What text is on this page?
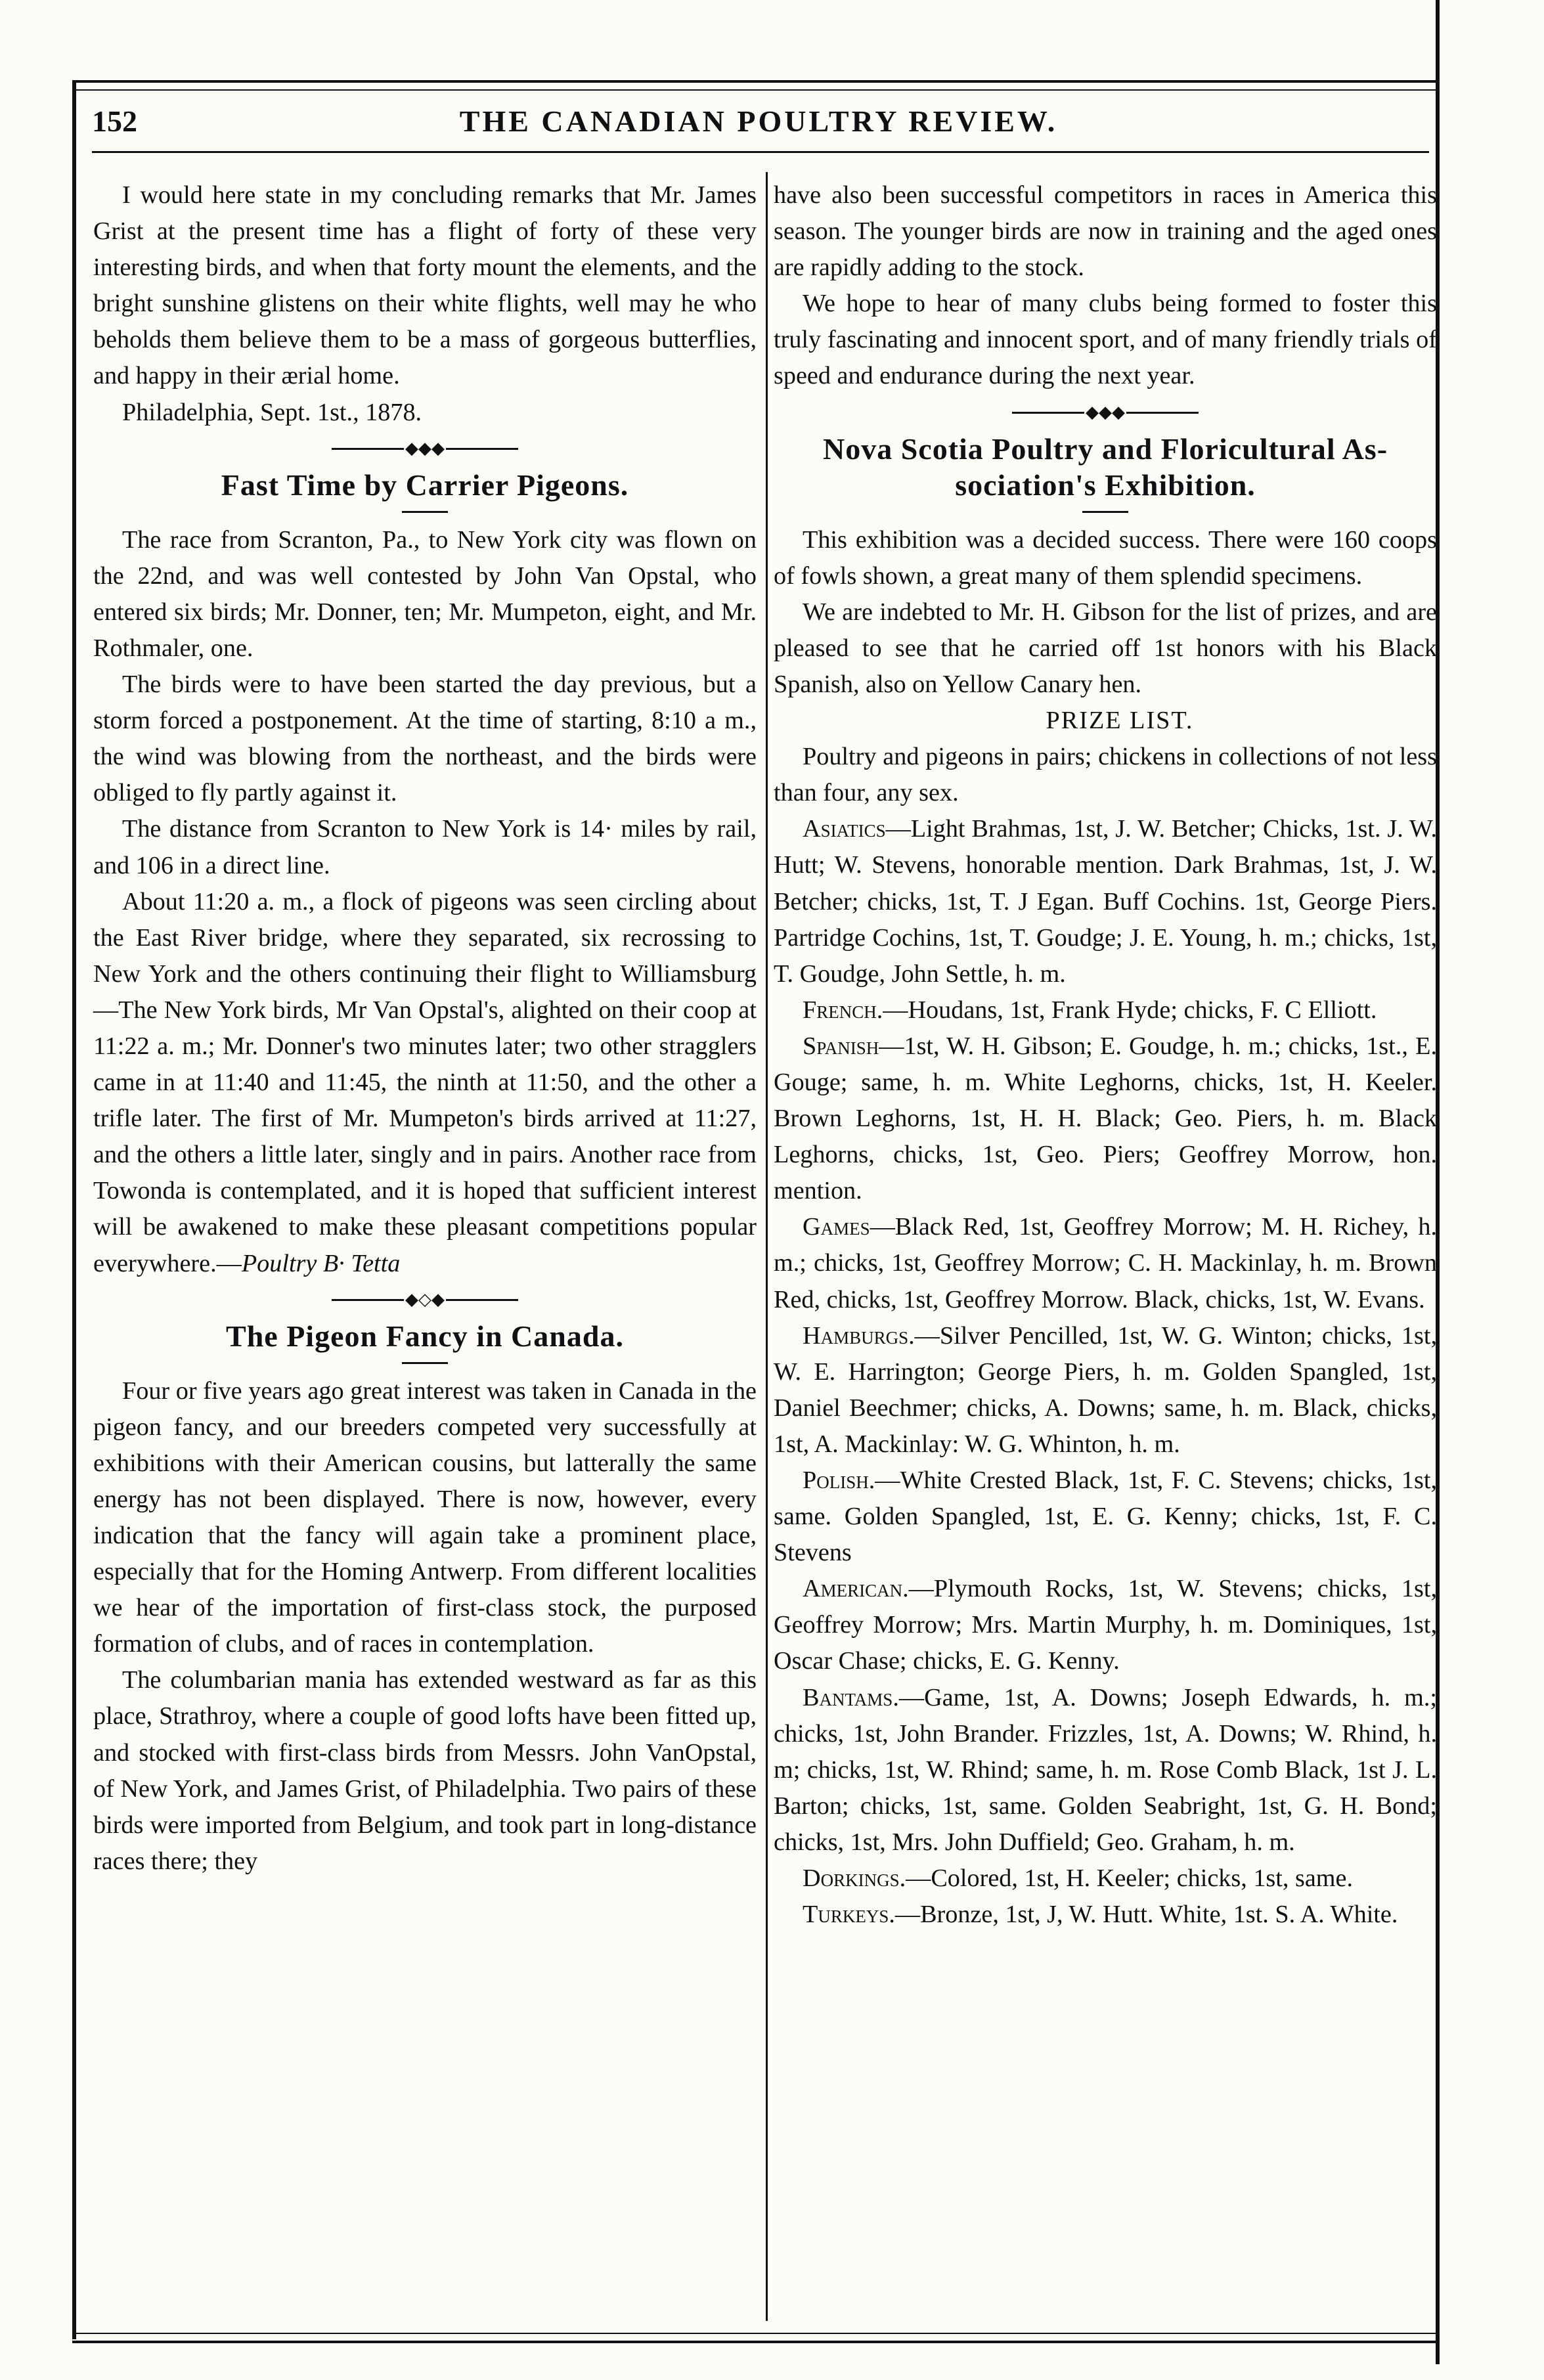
152	THE CANADIAN POULTRY REVIEW.

I would here state in my concluding remarks that Mr. James Grist at the present time has a flight of forty of these very interesting birds, and when that forty mount the elements, and the bright sunshine glistens on their white flights, well may he who beholds them believe them to be a mass of gorgeous butterflies, and happy in their ærial home.

Philadelphia, Sept. 1st., 1878.

◆◆◆
Fast Time by Carrier Pigeons.

The race from Scranton, Pa., to New York city was flown on the 22nd, and was well contested by John Van Opstal, who entered six birds; Mr. Donner, ten; Mr. Mumpeton, eight, and Mr. Rothmaler, one.

The birds were to have been started the day previous, but a storm forced a postponement. At the time of starting, 8:10 a m., the wind was blowing from the northeast, and the birds were obliged to fly partly against it.

The distance from Scranton to New York is 14· miles by rail, and 106 in a direct line.

About 11:20 a. m., a flock of pigeons was seen circling about the East River bridge, where they separated, six recrossing to New York and the others continuing their flight to Williamsburg—The New York birds, Mr Van Opstal's, alighted on their coop at 11:22 a. m.; Mr. Donner's two minutes later; two other stragglers came in at 11:40 and 11:45, the ninth at 11:50, and the other a trifle later. The first of Mr. Mumpeton's birds arrived at 11:27, and the others a little later, singly and in pairs. Another race from Towonda is contemplated, and it is hoped that sufficient interest will be awakened to make these pleasant competitions popular everywhere.—Poultry B· Tetta

◆◇◆
The Pigeon Fancy in Canada.

Four or five years ago great interest was taken in Canada in the pigeon fancy, and our breeders competed very successfully at exhibitions with their American cousins, but latterally the same energy has not been displayed. There is now, however, every indication that the fancy will again take a prominent place, especially that for the Homing Antwerp. From different localities we hear of the importation of first-class stock, the purposed formation of clubs, and of races in contemplation.

The columbarian mania has extended westward as far as this place, Strathroy, where a couple of good lofts have been fitted up, and stocked with first-class birds from Messrs. John VanOpstal, of New York, and James Grist, of Philadelphia. Two pairs of these birds were imported from Belgium, and took part in long-distance races there; they

have also been successful competitors in races in America this season. The younger birds are now in training and the aged ones are rapidly adding to the stock.

We hope to hear of many clubs being formed to foster this truly fascinating and innocent sport, and of many friendly trials of speed and endurance during the next year.

◆◆◆
Nova Scotia Poultry and Floricultural As-
sociation's Exhibition.

This exhibition was a decided success. There were 160 coops of fowls shown, a great many of them splendid specimens.

We are indebted to Mr. H. Gibson for the list of prizes, and are pleased to see that he carried off 1st honors with his Black Spanish, also on Yellow Canary hen.

PRIZE LIST.

Poultry and pigeons in pairs; chickens in collections of not less than four, any sex.

Asiatics—Light Brahmas, 1st, J. W. Betcher; Chicks, 1st. J. W. Hutt; W. Stevens, honorable mention. Dark Brahmas, 1st, J. W. Betcher; chicks, 1st, T. J Egan. Buff Cochins. 1st, George Piers. Partridge Cochins, 1st, T. Goudge; J. E. Young, h. m.; chicks, 1st, T. Goudge, John Settle, h. m.

French.—Houdans, 1st, Frank Hyde; chicks, F. C Elliott.

Spanish—1st, W. H. Gibson; E. Goudge, h. m.; chicks, 1st., E. Gouge; same, h. m. White Leghorns, chicks, 1st, H. Keeler. Brown Leghorns, 1st, H. H. Black; Geo. Piers, h. m. Black Leghorns, chicks, 1st, Geo. Piers; Geoffrey Morrow, hon. mention.

Games—Black Red, 1st, Geoffrey Morrow; M. H. Richey, h. m.; chicks, 1st, Geoffrey Morrow; C. H. Mackinlay, h. m. Brown Red, chicks, 1st, Geoffrey Morrow. Black, chicks, 1st, W. Evans.

Hamburgs.—Silver Pencilled, 1st, W. G. Winton; chicks, 1st, W. E. Harrington; George Piers, h. m. Golden Spangled, 1st, Daniel Beechmer; chicks, A. Downs; same, h. m. Black, chicks, 1st, A. Mackinlay: W. G. Whinton, h. m.

Polish.—White Crested Black, 1st, F. C. Stevens; chicks, 1st, same. Golden Spangled, 1st, E. G. Kenny; chicks, 1st, F. C. Stevens

American.—Plymouth Rocks, 1st, W. Stevens; chicks, 1st, Geoffrey Morrow; Mrs. Martin Murphy, h. m. Dominiques, 1st, Oscar Chase; chicks, E. G. Kenny.

Bantams.—Game, 1st, A. Downs; Joseph Edwards, h. m.; chicks, 1st, John Brander. Frizzles, 1st, A. Downs; W. Rhind, h. m; chicks, 1st, W. Rhind; same, h. m. Rose Comb Black, 1st J. L. Barton; chicks, 1st, same. Golden Seabright, 1st, G. H. Bond; chicks, 1st, Mrs. John Duffield; Geo. Graham, h. m.

Dorkings.—Colored, 1st, H. Keeler; chicks, 1st, same.

Turkeys.—Bronze, 1st, J, W. Hutt. White, 1st. S. A. White.
